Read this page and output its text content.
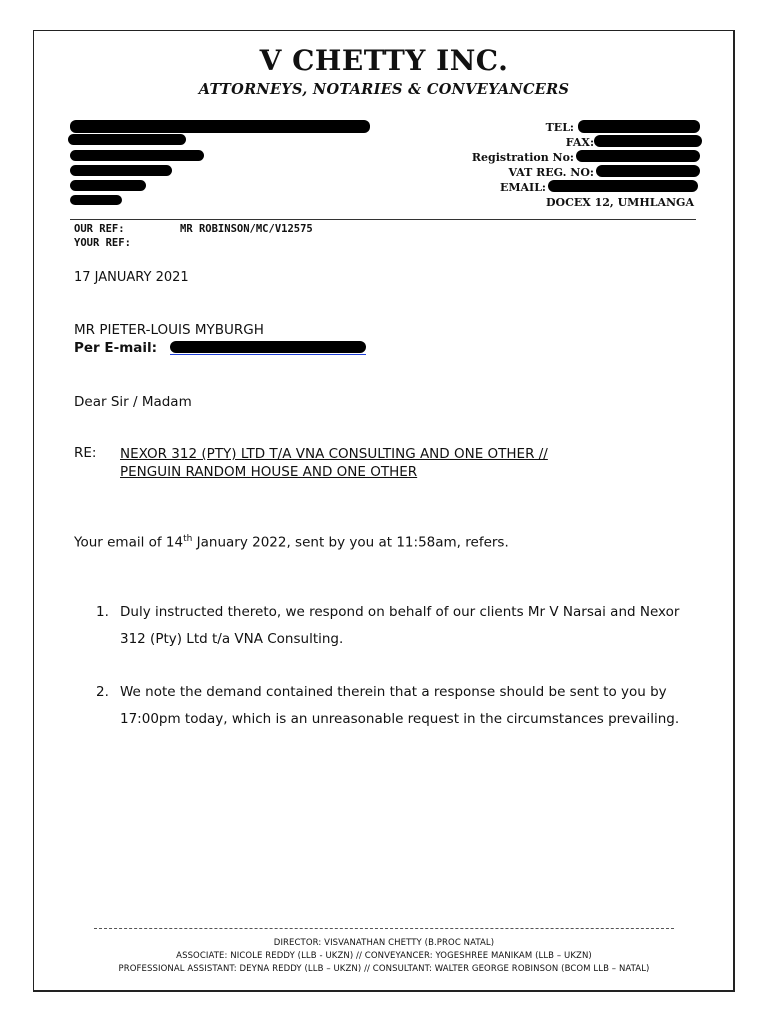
V CHETTY INC.
ATTORNEYS, NOTARIES & CONVEYANCERS
TEL:
FAX:
Registration No:
VAT REG. NO:
EMAIL:
DOCEX 12, UMHLANGA
OUR REF:	MR ROBINSON/MC/V12575
YOUR REF:
17 JANUARY 2021
MR PIETER-LOUIS MYBURGH
Per E-mail:
Dear Sir / Madam
RE: NEXOR 312 (PTY) LTD T/A VNA CONSULTING AND ONE OTHER //
PENGUIN RANDOM HOUSE AND ONE OTHER
Your email of 14th January 2022, sent by you at 11:58am, refers.
1. Duly instructed thereto, we respond on behalf of our clients Mr V Narsai and Nexor 312 (Pty) Ltd t/a VNA Consulting.
2. We note the demand contained therein that a response should be sent to you by 17:00pm today, which is an unreasonable request in the circumstances prevailing.
DIRECTOR: VISVANATHAN CHETTY (B.PROC NATAL)
ASSOCIATE: NICOLE REDDY (LLB - UKZN) // CONVEYANCER: YOGESHREE MANIKAM (LLB – UKZN)
PROFESSIONAL ASSISTANT: DEYNA REDDY (LLB – UKZN) // CONSULTANT: WALTER GEORGE ROBINSON (BCOM LLB – NATAL)
